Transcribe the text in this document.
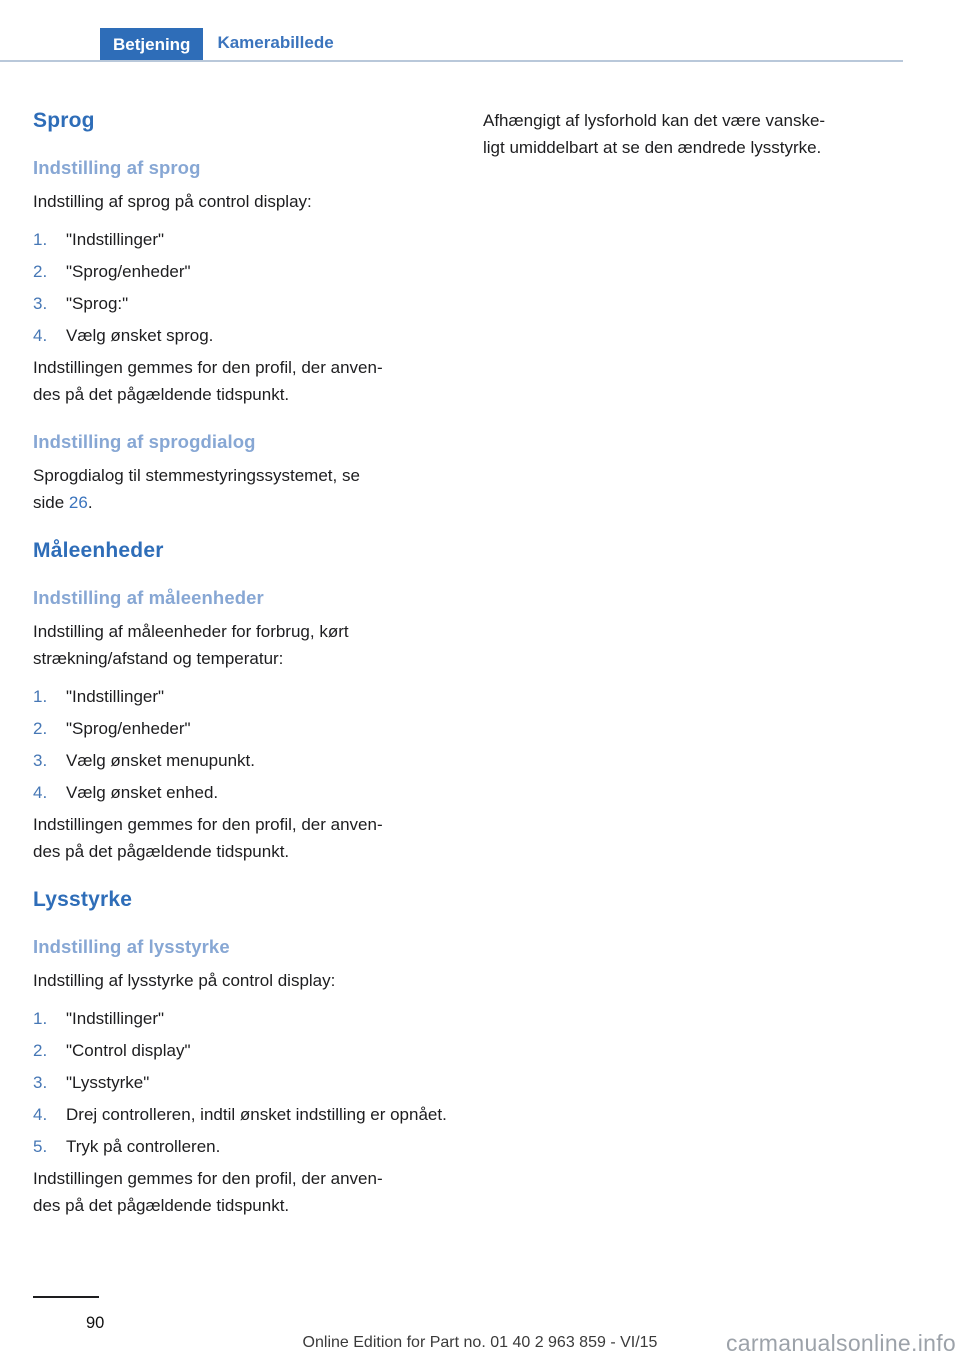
Betjening	Kamerabillede
Sprog
Indstilling af sprog

Indstilling af sprog på control display:

1.	"Indstillinger"
2.	"Sprog/enheder"
3.	"Sprog:"
4.	Vælg ønsket sprog.

Indstillingen gemmes for den profil, der anven-
des på det pågældende tidspunkt.

Indstilling af sprogdialog

Sprogdialog til stemmestyringssystemet, se
side 26.

Måleenheder
Indstilling af måleenheder

Indstilling af måleenheder for forbrug, kørt
strækning/afstand og temperatur:

1.	"Indstillinger"
2.	"Sprog/enheder"
3.	Vælg ønsket menupunkt.
4.	Vælg ønsket enhed.

Indstillingen gemmes for den profil, der anven-
des på det pågældende tidspunkt.

Lysstyrke
Indstilling af lysstyrke

Indstilling af lysstyrke på control display:

1.	"Indstillinger"
2.	"Control display"
3.	"Lysstyrke"
4.	Drej controlleren, indtil ønsket indstilling er opnået.
5.	Tryk på controlleren.

Indstillingen gemmes for den profil, der anven-
des på det pågældende tidspunkt.

Afhængigt af lysforhold kan det være vanske-
ligt umiddelbart at se den ændrede lysstyrke.

90
Online Edition for Part no. 01 40 2 963 859 - VI/15	carmanualsonline.info
